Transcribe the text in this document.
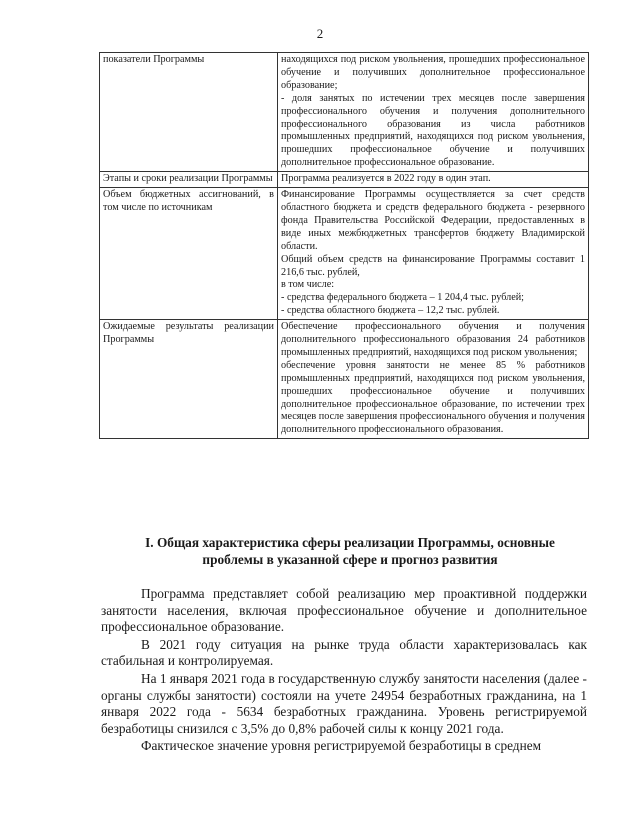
2
показатели Программы	находящихся под риском увольнения, прошедших профессиональное обучение и получивших дополнительное профессиональное образование;
- доля занятых по истечении трех месяцев после завершения профессионального обучения и получения дополнительного профессионального образования из числа работников промышленных предприятий, находящихся под риском увольнения, прошедших профессиональное обучение и получивших дополнительное профессиональное образование.

Этапы и сроки реализации Программы	Программа реализуется в 2022 году в один этап.

Объем бюджетных ассигнований, в том числе по источникам	Финансирование Программы осуществляется за счет средств областного бюджета и средств федерального бюджета - резервного фонда Правительства Российской Федерации, предоставленных в виде иных межбюджетных трансфертов бюджету Владимирской области.
Общий объем средств на финансирование Программы составит 1 216,6 тыс. рублей,
в том числе:
- средства федерального бюджета – 1 204,4 тыс. рублей;
- средства областного бюджета – 12,2 тыс. рублей.

Ожидаемые результаты реализации Программы	Обеспечение профессионального обучения и получения дополнительного профессионального образования 24 работников промышленных предприятий, находящихся под риском увольнения;
обеспечение уровня занятости не менее 85 % работников промышленных предприятий, находящихся под риском увольнения, прошедших профессиональное обучение и получивших дополнительное профессиональное образование, по истечении трех месяцев после завершения профессионального обучения и получения дополнительного профессионального образования.
I. Общая характеристика сферы реализации Программы, основные
проблемы в указанной сфере и прогноз развития

Программа представляет собой реализацию мер проактивной поддержки занятости населения, включая профессиональное обучение и дополнительное профессиональное образование.

В 2021 году ситуация на рынке труда области характеризовалась как стабильная и контролируемая.

На 1 января 2021 года в государственную службу занятости населения (далее - органы службы занятости) состояли на учете 24954 безработных гражданина, на 1 января 2022 года - 5634 безработных гражданина. Уровень регистрируемой безработицы снизился с 3,5% до 0,8% рабочей силы к концу 2021 года.

Фактическое значение уровня регистрируемой безработицы в среднем
